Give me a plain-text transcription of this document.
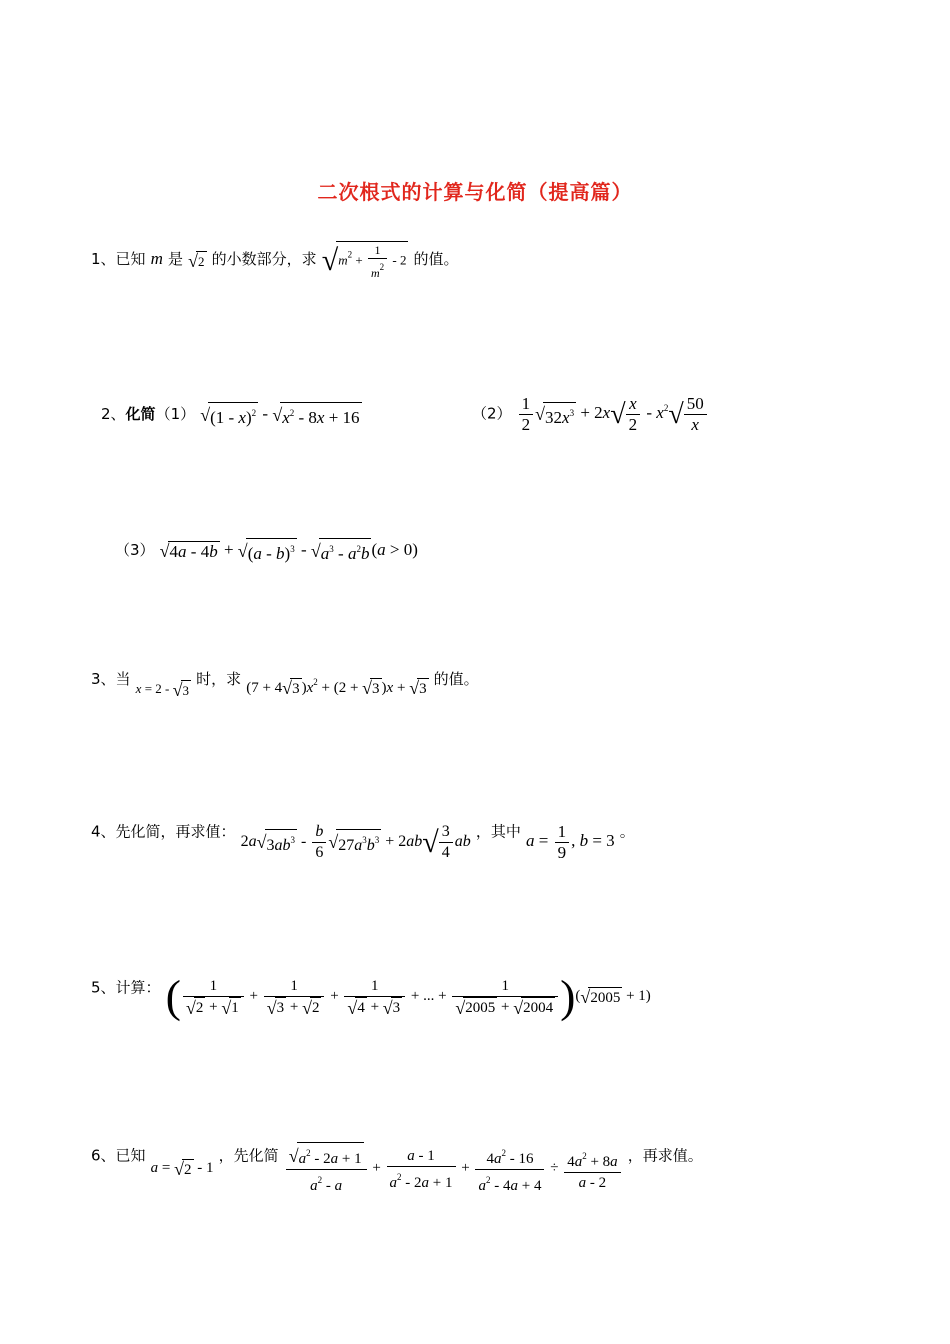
二次根式的计算与化简（提高篇）
1、已知 m 是 √2 的小数部分，求 $√m^2 + \frac{1}{m^2} - 2$ 的值。
2、化简（1） $√(1 - x)^2 - √x^2 - 8x + 16$	$(2) \frac{1}{2} √32x^3 + 2x√ \frac{x}{2} - x^2√ \frac{50}{x}$
（3） $√4a - 4b + √(a - b)^3 - √a^3 - a^2b$ (a > 0)
3、当 $_{x = 2 - √3}$ 时，求 (7 + 4√3 )$x^2 + (2 + √3$ )x + √3 的值。
4、先化简，再求值： $2a√3ab^3 - \frac{b}{6} √27a^3b^3 + 2ab√ \frac{3}{4}$ ab ，其中 $a = \frac{1}{9}$ , b = 3 。
5、计算： ( $\frac{1}{√2 + √1} + \frac{1}{√3 + √2} + \frac{1}{√4 + √3}$ + ... + $\frac{1}{√2005 + √2004} )(√2005 + 1)$
6、已知 a = √2 - 1 ，先化简 $\frac{√a^2 - 2a + 1}{a^2 - a} + \frac{a - 1}{a^2 - 2a + 1} + \frac{4a^2 - 16}{a^2 - 4a + 4} \div \frac{4a^2 + 8a}{a - 2}$ ，再求值。
